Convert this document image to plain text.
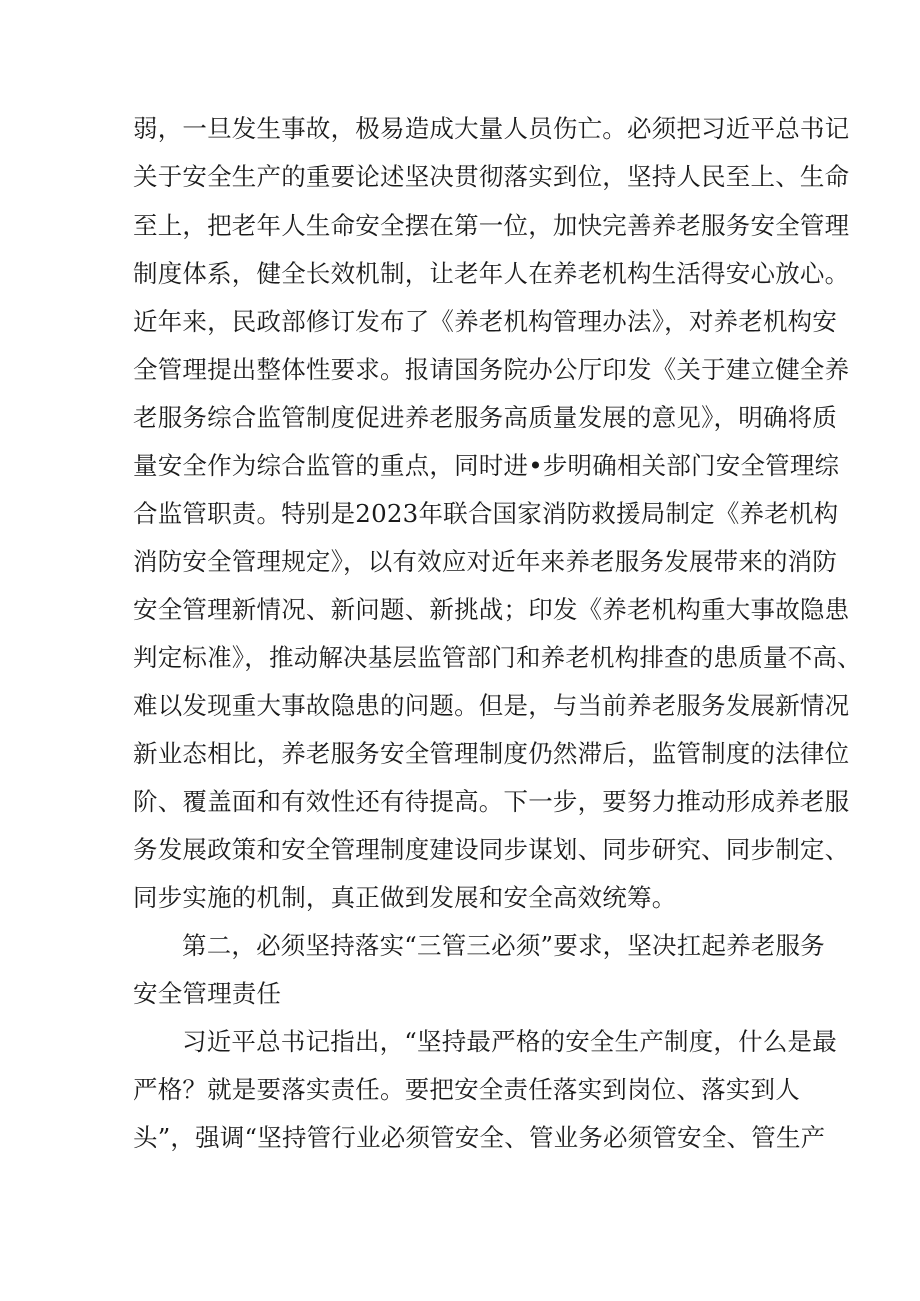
弱，一旦发生事故，极易造成大量人员伤亡。必须把习近平总书记
关于安全生产的重要论述坚决贯彻落实到位，坚持人民至上、生命
至上，把老年人生命安全摆在第一位，加快完善养老服务安全管理
制度体系，健全长效机制，让老年人在养老机构生活得安心放心。
近年来，民政部修订发布了《养老机构管理办法》，对养老机构安
全管理提出整体性要求。报请国务院办公厅印发《关于建立健全养
老服务综合监管制度促进养老服务高质量发展的意见》，明确将质
量安全作为综合监管的重点，同时进•步明确相关部门安全管理综
合监管职责。特别是2023年联合国家消防救援局制定《养老机构
消防安全管理规定》，以有效应对近年来养老服务发展带来的消防
安全管理新情况、新问题、新挑战；印发《养老机构重大事故隐患
判定标准》，推动解决基层监管部门和养老机构排查的患质量不高、
难以发现重大事故隐患的问题。但是，与当前养老服务发展新情况
新业态相比，养老服务安全管理制度仍然滞后，监管制度的法律位
阶、覆盖面和有效性还有待提高。下一步，要努力推动形成养老服
务发展政策和安全管理制度建设同步谋划、同步研究、同步制定、
同步实施的机制，真正做到发展和安全高效统筹。
第二，必须坚持落实“三管三必须”要求，坚决扛起养老服务
安全管理责任
习近平总书记指出，“坚持最严格的安全生产制度，什么是最
严格？就是要落实责任。要把安全责任落实到岗位、落实到人
头”，强调“坚持管行业必须管安全、管业务必须管安全、管生产
